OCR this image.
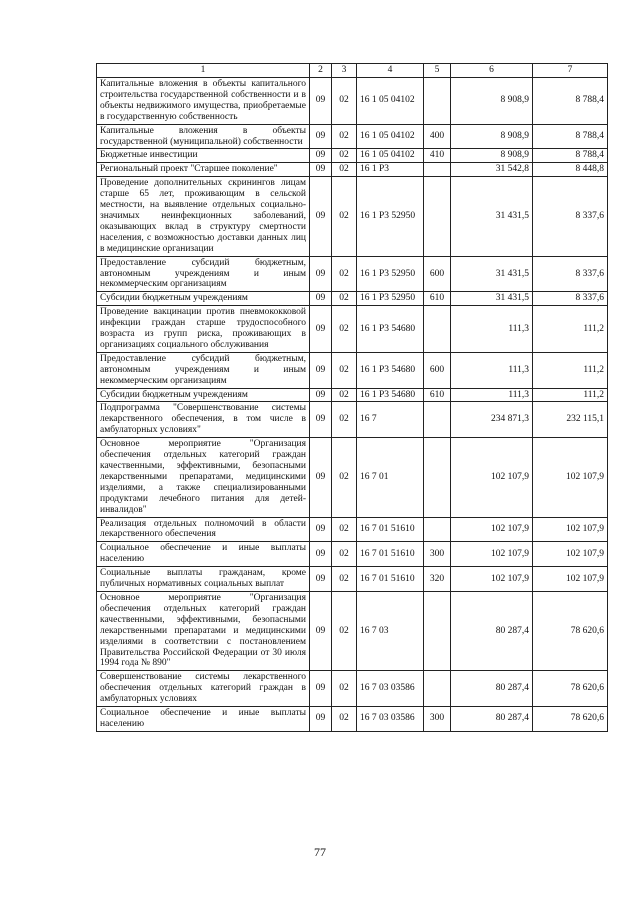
1	2	3	4	5	6	7
Капитальные вложения в объекты капитального строительства государственной собственности и в объекты недвижимого имущества, приобретаемые в государственную собственность	09	02	16 1 05 04102		8 908,9	8 788,4
Капитальные вложения в объекты государственной (муниципальной) собственности	09	02	16 1 05 04102	400	8 908,9	8 788,4
Бюджетные инвестиции	09	02	16 1 05 04102	410	8 908,9	8 788,4
Региональный проект "Старшее поколение"	09	02	16 1 P3		31 542,8	8 448,8
Проведение дополнительных скринингов лицам старше 65 лет, проживающим в сельской местности, на выявление отдельных социально-значимых неинфекционных заболеваний, оказывающих вклад в структуру смертности населения, с возможностью доставки данных лиц в медицинские организации	09	02	16 1 P3 52950		31 431,5	8 337,6
Предоставление субсидий бюджетным, автономным учреждениям и иным некоммерческим организациям	09	02	16 1 P3 52950	600	31 431,5	8 337,6
Субсидии бюджетным учреждениям	09	02	16 1 P3 52950	610	31 431,5	8 337,6
Проведение вакцинации против пневмококковой инфекции граждан старше трудоспособного возраста из групп риска, проживающих в организациях социального обслуживания	09	02	16 1 P3 54680		111,3	111,2
Предоставление субсидий бюджетным, автономным учреждениям и иным некоммерческим организациям	09	02	16 1 P3 54680	600	111,3	111,2
Субсидии бюджетным учреждениям	09	02	16 1 P3 54680	610	111,3	111,2
Подпрограмма "Совершенствование системы лекарственного обеспечения, в том числе в амбулаторных условиях"	09	02	16 7		234 871,3	232 115,1
Основное мероприятие "Организация обеспечения отдельных категорий граждан качественными, эффективными, безопасными лекарственными препаратами, медицинскими изделиями, а также специализированными продуктами лечебного питания для детей-инвалидов"	09	02	16 7 01		102 107,9	102 107,9
Реализация отдельных полномочий в области лекарственного обеспечения	09	02	16 7 01 51610		102 107,9	102 107,9
Социальное обеспечение и иные выплаты населению	09	02	16 7 01 51610	300	102 107,9	102 107,9
Социальные выплаты гражданам, кроме публичных нормативных социальных выплат	09	02	16 7 01 51610	320	102 107,9	102 107,9
Основное мероприятие "Организация обеспечения отдельных категорий граждан качественными, эффективными, безопасными лекарственными препаратами и медицинскими изделиями в соответствии с постановлением Правительства Российской Федерации от 30 июля 1994 года № 890"	09	02	16 7 03		80 287,4	78 620,6
Совершенствование системы лекарственного обеспечения отдельных категорий граждан в амбулаторных условиях	09	02	16 7 03 03586		80 287,4	78 620,6
Социальное обеспечение и иные выплаты населению	09	02	16 7 03 03586	300	80 287,4	78 620,6
77
